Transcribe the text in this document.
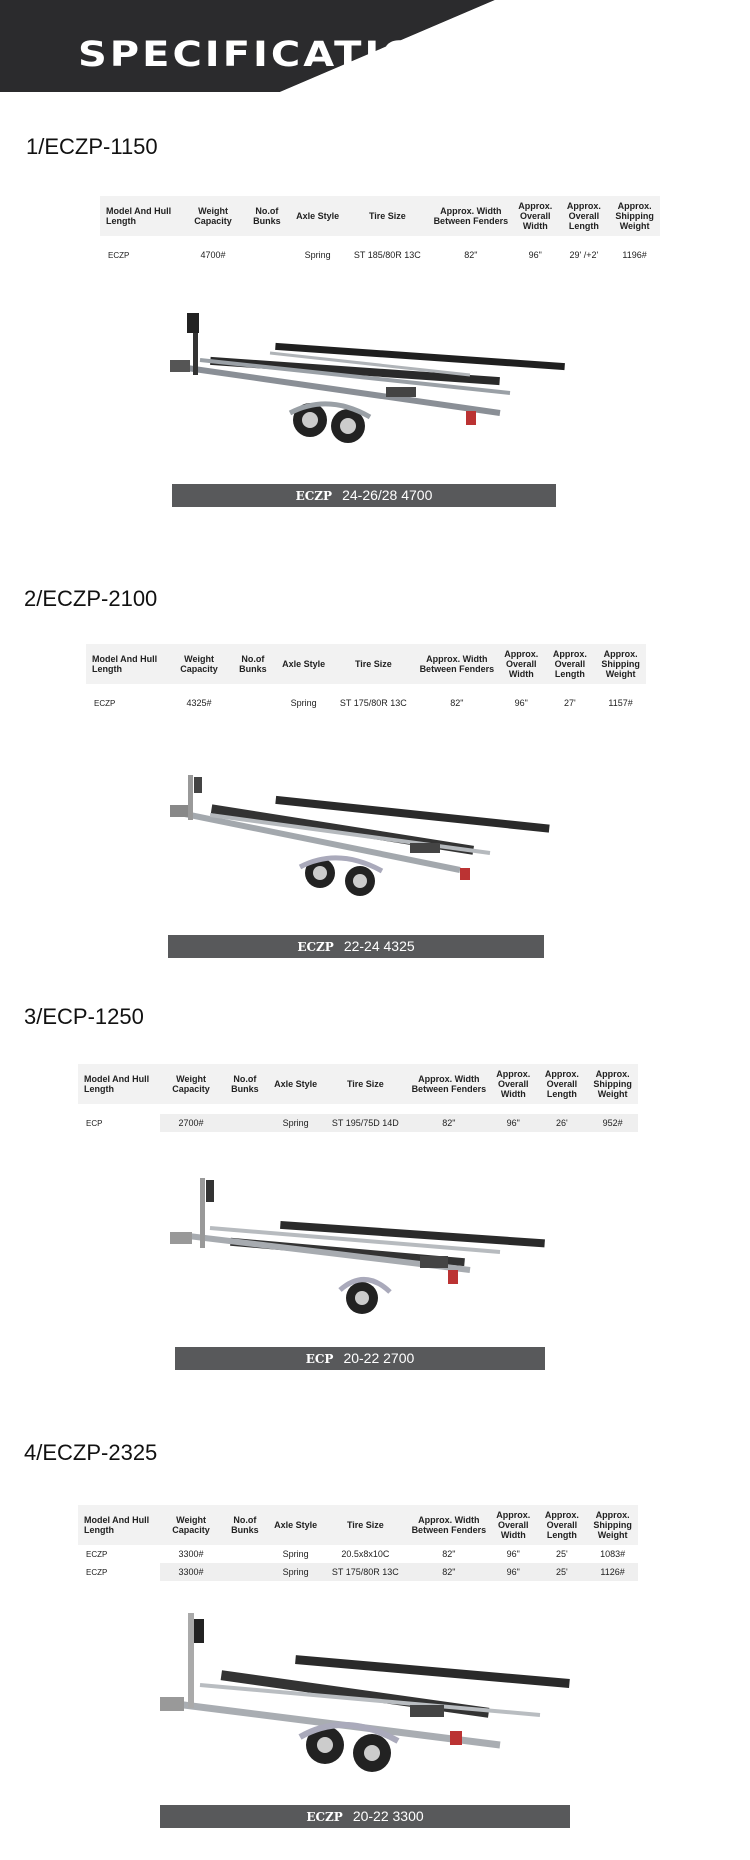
SPECIFICATIONS
1/ECZP-1150
Model And Hull Length	Weight Capacity	No.of Bunks	Axle Style	Tire Size	Approx. Width Between Fenders	Approx. Overall Width	Approx. Overall Length	Approx. Shipping Weight

ECZP	4700#		Spring	ST 185/80R 13C	82"	96"	29' /+2'	1196#
ECZP 24-26/28 4700
2/ECZP-2100
Model And Hull Length	Weight Capacity	No.of Bunks	Axle Style	Tire Size	Approx. Width Between Fenders	Approx. Overall Width	Approx. Overall Length	Approx. Shipping Weight

ECZP	4325#		Spring	ST 175/80R 13C	82"	96"	27'	1157#
ECZP 22-24 4325
3/ECP-1250
Model And Hull Length	Weight Capacity	No.of Bunks	Axle Style	Tire Size	Approx. Width Between Fenders	Approx. Overall Width	Approx. Overall Length	Approx. Shipping Weight

ECP	2700#		Spring	ST 195/75D 14D	82"	96"	26'	952#
ECP 20-22 2700
4/ECZP-2325
Model And Hull Length	Weight Capacity	No.of Bunks	Axle Style	Tire Size	Approx. Width Between Fenders	Approx. Overall Width	Approx. Overall Length	Approx. Shipping Weight
ECZP	3300#		Spring	20.5x8x10C	82"	96"	25'	1083#
ECZP	3300#		Spring	ST 175/80R 13C	82"	96"	25'	1126#
ECZP 20-22 3300
